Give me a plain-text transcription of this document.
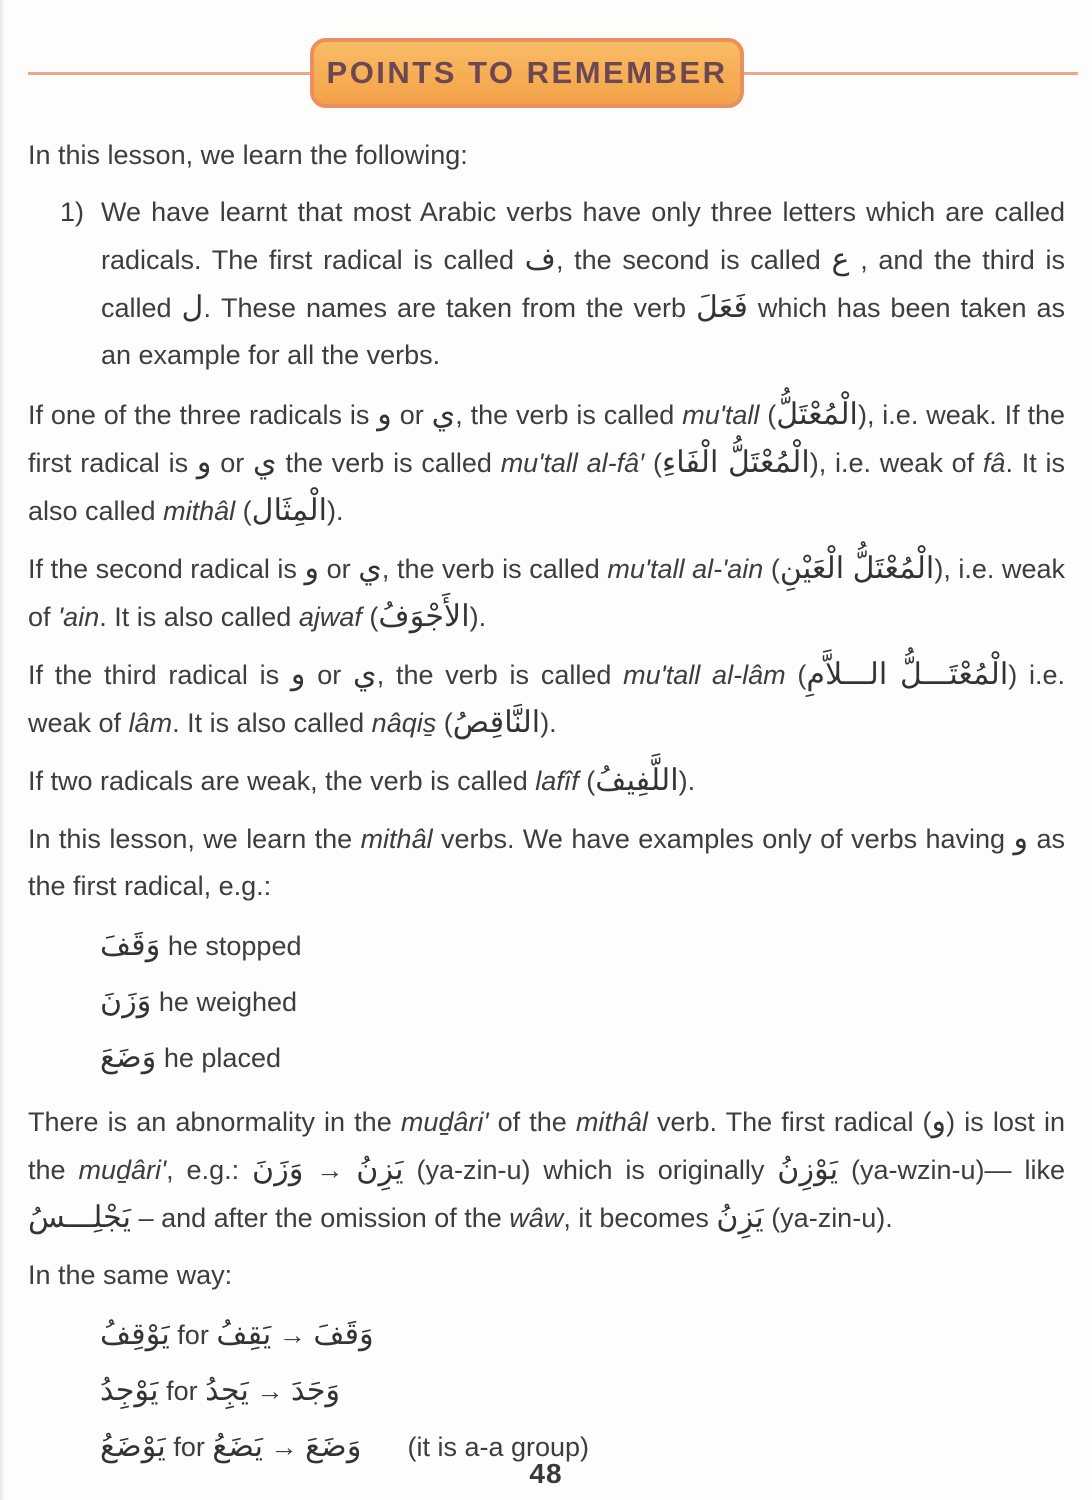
POINTS TO REMEMBER
In this lesson, we learn the following:
1) We have learnt that most Arabic verbs have only three letters which are called radicals. The first radical is called ف, the second is called ع , and the third is called ل. These names are taken from the verb فَعَلَ which has been taken as an example for all the verbs.
If one of the three radicals is و or ي, the verb is called mu'tall (الْمُعْتَلُّ), i.e. weak. If the first radical is و or ي the verb is called mu'tall al-fâ′ (الْمُعْتَلُّ الْفَاءِ), i.e. weak of fâ. It is also called mithâl (الْمِثَال).
If the second radical is و or ي, the verb is called mu'tall al-'ain (الْمُعْتَلُّ الْعَيْنِ), i.e. weak of 'ain. It is also called ajwaf (الأَجْوَفُ).
If the third radical is و or ي, the verb is called mu'tall al-lâm (الْمُعْتَـــلُّ الـــلاَّمِ) i.e. weak of lâm. It is also called nâqis̱ (النَّاقِصُ).
If two radicals are weak, the verb is called lafîf (اللَّفِيفُ).
In this lesson, we learn the mithâl verbs. We have examples only of verbs having و as the first radical, e.g.:
وَقَفَ he stopped
وَزَنَ he weighed
وَضَعَ he placed
There is an abnormality in the muḏâri' of the mithâl verb. The first radical (و) is lost in the muḏâri', e.g.: وَزَنَ → يَزِنُ (ya-zin-u) which is originally يَوْزِنُ (ya-wzin-u)— like يَجْلِـــسُ – and after the omission of the wâw, it becomes يَزِنُ (ya-zin-u).
In the same way:
يَوْقِفُ for يَقِفُ → وَقَفَ
يَوْجِدُ for يَجِدُ → وَجَدَ
يَوْضَعُ for يَضَعُ → وَضَعَ (it is a-a group)
48
